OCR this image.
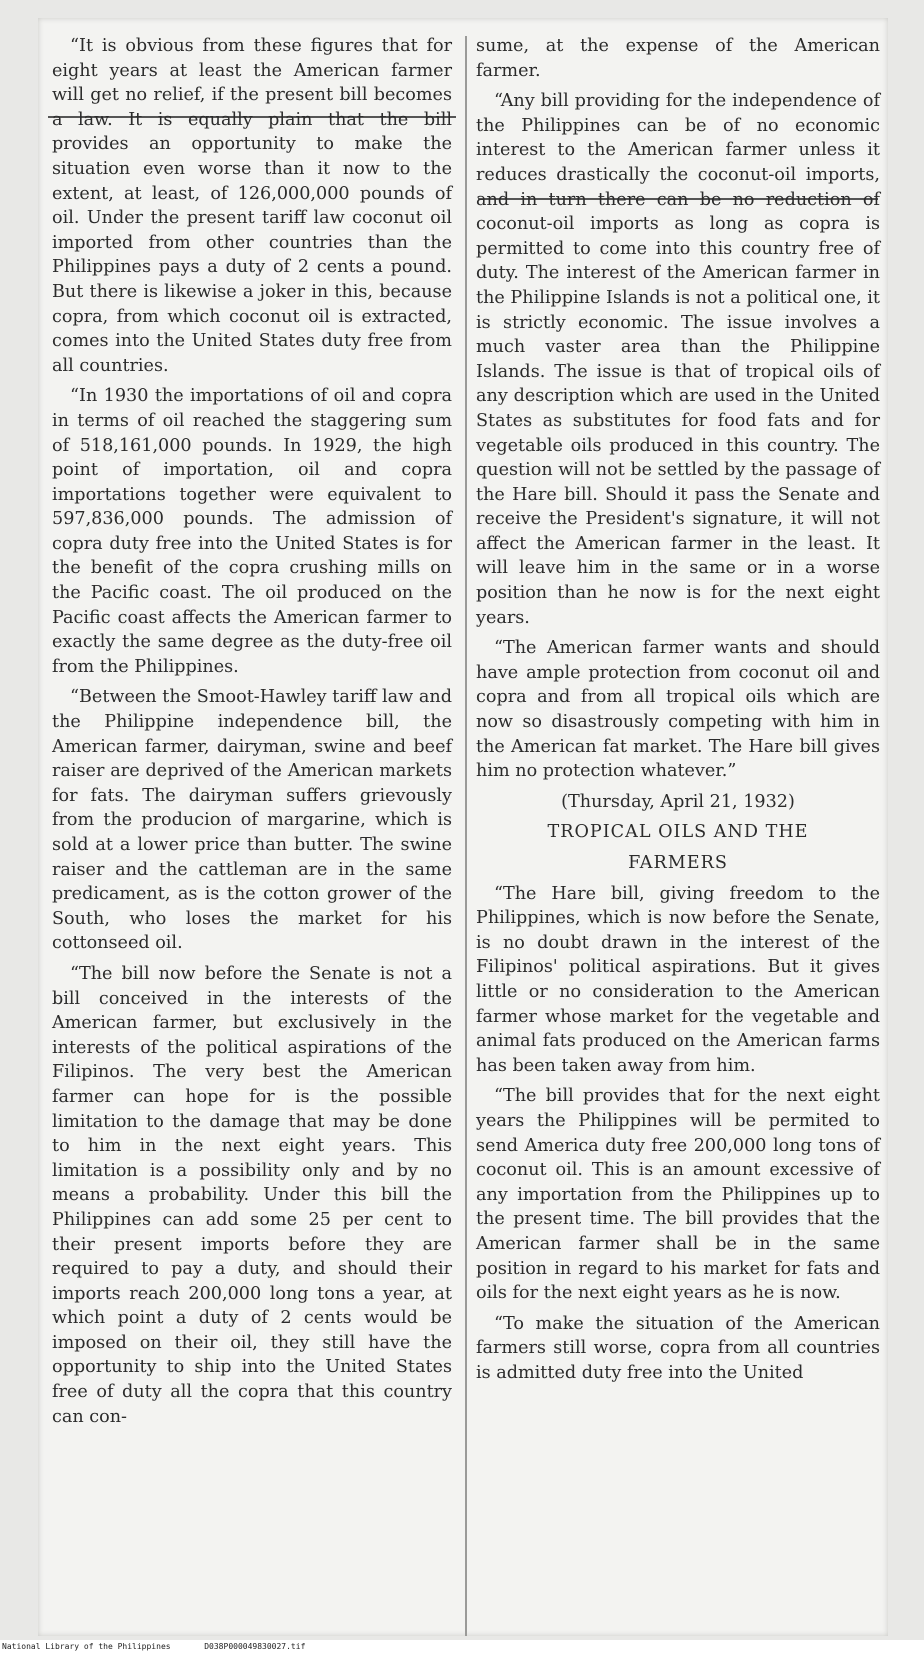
“It is obvious from these figures that for eight years at least the American farmer will get no relief, if the present bill becomes a law. It is equally plain that the bill provides an opportunity to make the situation even worse than it now to the extent, at least, of 126,000,000 pounds of oil. Under the present tariff law coconut oil imported from other countries than the Philippines pays a duty of 2 cents a pound. But there is likewise a joker in this, because copra, from which coconut oil is extracted, comes into the United States duty free from all countries.

“In 1930 the importations of oil and copra in terms of oil reached the staggering sum of 518,161,000 pounds. In 1929, the high point of importation, oil and copra importations together were equivalent to 597,836,000 pounds. The admission of copra duty free into the United States is for the benefit of the copra crushing mills on the Pacific coast. The oil produced on the Pacific coast affects the American farmer to exactly the same degree as the duty-free oil from the Philippines.

“Between the Smoot-Hawley tariff law and the Philippine independence bill, the American farmer, dairyman, swine and beef raiser are deprived of the American markets for fats. The dairyman suffers grievously from the producion of margarine, which is sold at a lower price than butter. The swine raiser and the cattleman are in the same predicament, as is the cotton grower of the South, who loses the market for his cottonseed oil.

“The bill now before the Senate is not a bill conceived in the interests of the American farmer, but exclusively in the interests of the political aspirations of the Filipinos. The very best the American farmer can hope for is the possible limitation to the damage that may be done to him in the next eight years. This limitation is a possibility only and by no means a probability. Under this bill the Philippines can add some 25 per cent to their present imports before they are required to pay a duty, and should their imports reach 200,000 long tons a year, at which point a duty of 2 cents would be imposed on their oil, they still have the opportunity to ship into the United States free of duty all the copra that this country can con-

sume, at the expense of the American farmer.

“Any bill providing for the independence of the Philippines can be of no economic interest to the American farmer unless it reduces drastically the coconut-oil imports, and in turn there can be no reduction of coconut-oil imports as long as copra is permitted to come into this country free of duty. The interest of the American farmer in the Philippine Islands is not a political one, it is strictly economic. The issue involves a much vaster area than the Philippine Islands. The issue is that of tropical oils of any description which are used in the United States as substitutes for food fats and for vegetable oils produced in this country. The question will not be settled by the passage of the Hare bill. Should it pass the Senate and receive the President's signature, it will not affect the American farmer in the least. It will leave him in the same or in a worse position than he now is for the next eight years.

“The American farmer wants and should have ample protection from coconut oil and copra and from all tropical oils which are now so disastrously competing with him in the American fat market. The Hare bill gives him no protection whatever.”

(Thursday, April 21, 1932)

TROPICAL OILS AND THE

FARMERS

“The Hare bill, giving freedom to the Philippines, which is now before the Senate, is no doubt drawn in the interest of the Filipinos' political aspirations. But it gives little or no consideration to the American farmer whose market for the vegetable and animal fats produced on the American farms has been taken away from him.

“The bill provides that for the next eight years the Philippines will be permited to send America duty free 200,000 long tons of coconut oil. This is an amount excessive of any importation from the Philippines up to the present time. The bill provides that the American farmer shall be in the same position in regard to his market for fats and oils for the next eight years as he is now.

“To make the situation of the American farmers still worse, copra from all countries is admitted duty free into the United

National Library of the Philippines	D038P000049830027.tif
